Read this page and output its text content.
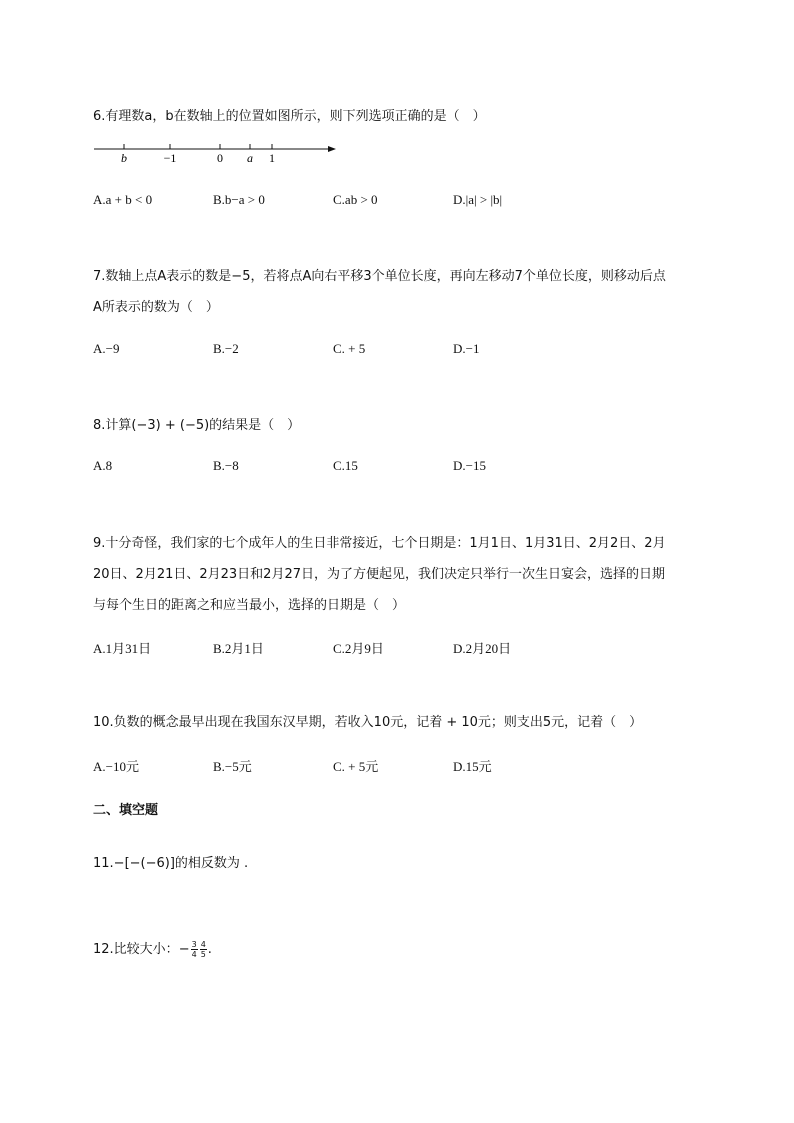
6.有理数a，b在数轴上的位置如图所示，则下列选项正确的是（　）
b	−1	0 a 1
A.a + b < 0	B.b−a > 0	C.ab > 0	D.|a| > |b|
7.数轴上点A表示的数是−5，若将点A向右平移3个单位长度，再向左移动7个单位长度，则移动后点
A所表示的数为（　）
A.−9	B.−2	C. + 5	D.−1
8.计算(−3) + (−5)的结果是（　）
A.8	B.−8	C.15	D.−15
9.十分奇怪，我们家的七个成年人的生日非常接近，七个日期是：1月1日、1月31日、2月2日、2月
20日、2月21日、2月23日和2月27日，为了方便起见，我们决定只举行一次生日宴会，选择的日期
与每个生日的距离之和应当最小，选择的日期是（　）
A.1月31日	B.2月1日	C.2月9日	D.2月20日
10.负数的概念最早出现在我国东汉早期，若收入10元，记着 + 10元；则支出5元，记着（　）
A.−10元	B.−5元	C. + 5元	D.15元
二、填空题
11.−[−(−6)]的相反数为 .
12.比较大小：− $\frac{3}{4} \frac{4}{5}$ .
